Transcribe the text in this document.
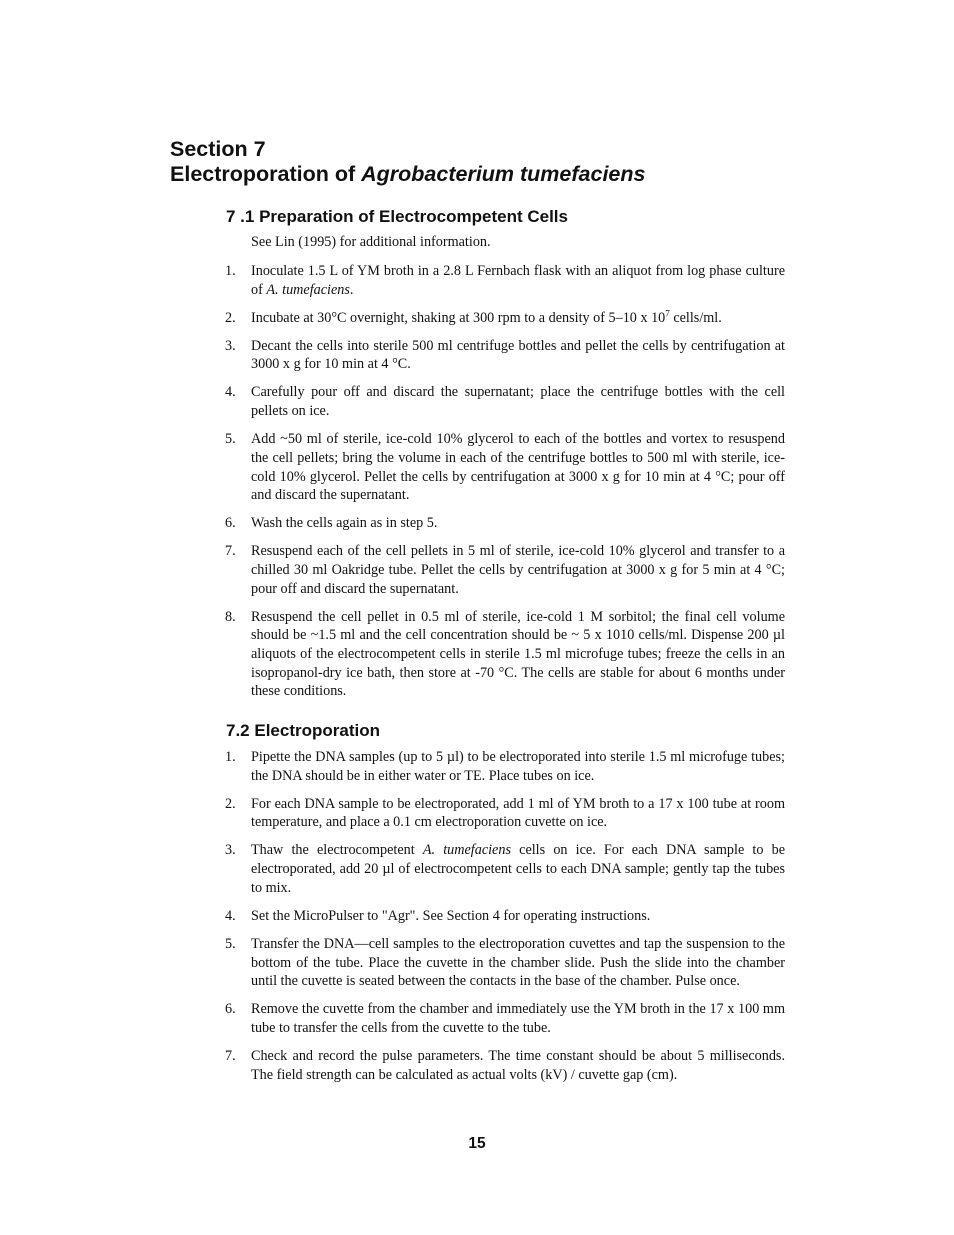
Section 7
Electroporation of Agrobacterium tumefaciens
7 .1 Preparation of Electrocompetent Cells

See Lin (1995) for additional information.

1. Inoculate 1.5 L of YM broth in a 2.8 L Fernbach flask with an aliquot from log phase culture of A. tumefaciens.
2. Incubate at 30°C overnight, shaking at 300 rpm to a density of 5–10 x $10^7$ cells/ml.
3. Decant the cells into sterile 500 ml centrifuge bottles and pellet the cells by centrifugation at 3000 x g for 10 min at 4 °C.
4. Carefully pour off and discard the supernatant; place the centrifuge bottles with the cell pellets on ice.
5. Add ~50 ml of sterile, ice-cold 10% glycerol to each of the bottles and vortex to resuspend the cell pellets; bring the volume in each of the centrifuge bottles to 500 ml with sterile, ice-cold 10% glycerol. Pellet the cells by centrifugation at 3000 x g for 10 min at 4 °C; pour off and discard the supernatant.
6. Wash the cells again as in step 5.
7. Resuspend each of the cell pellets in 5 ml of sterile, ice-cold 10% glycerol and transfer to a chilled 30 ml Oakridge tube. Pellet the cells by centrifugation at 3000 x g for 5 min at 4 °C; pour off and discard the supernatant.
8. Resuspend the cell pellet in 0.5 ml of sterile, ice-cold 1 M sorbitol; the final cell volume should be ~1.5 ml and the cell concentration should be ~ 5 x 1010 cells/ml. Dispense 200 µl aliquots of the electrocompetent cells in sterile 1.5 ml microfuge tubes; freeze the cells in an isopropanol-dry ice bath, then store at -70 °C. The cells are stable for about 6 months under these conditions.
7.2 Electroporation
1. Pipette the DNA samples (up to 5 µl) to be electroporated into sterile 1.5 ml microfuge tubes; the DNA should be in either water or TE. Place tubes on ice.
2. For each DNA sample to be electroporated, add 1 ml of YM broth to a 17 x 100 tube at room temperature, and place a 0.1 cm electroporation cuvette on ice.
3. Thaw the electrocompetent A. tumefaciens cells on ice. For each DNA sample to be electroporated, add 20 µl of electrocompetent cells to each DNA sample; gently tap the tubes to mix.
4. Set the MicroPulser to "Agr". See Section 4 for operating instructions.
5. Transfer the DNA—cell samples to the electroporation cuvettes and tap the suspension to the bottom of the tube. Place the cuvette in the chamber slide. Push the slide into the chamber until the cuvette is seated between the contacts in the base of the chamber. Pulse once.
6. Remove the cuvette from the chamber and immediately use the YM broth in the 17 x 100 mm tube to transfer the cells from the cuvette to the tube.
7. Check and record the pulse parameters. The time constant should be about 5 milliseconds. The field strength can be calculated as actual volts (kV) / cuvette gap (cm).

15
